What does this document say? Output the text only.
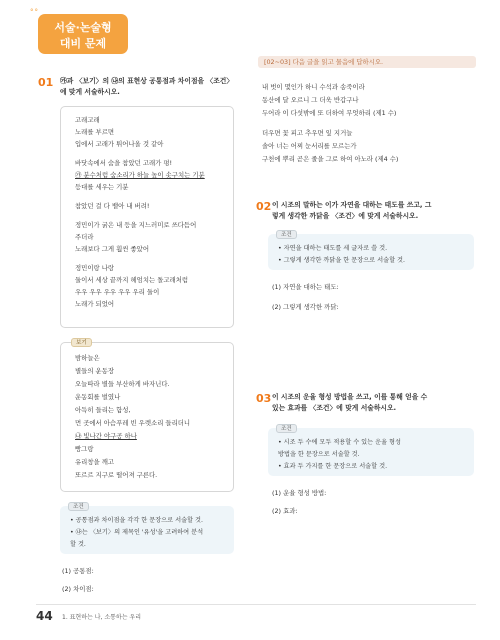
°°
서술·논술형
대비 문제
01 ㉮과 〈보기〉의 ㉯의 표현상 공통점과 차이점을 〈조건〉
에 맞게 서술하시오.
고래고래
노래를 부르면
입에서 고래가 튀어나올 것 같아
바닷속에서 숨을 참았던 고래가 펑!
㉮ 분수처럼 숨소리가 하늘 높이 솟구치는 기분
등대를 세우는 기분
참았던 걸 다 뱉아 내 버려!
정민이가 굵은 내 등을 지느러미로 쓰다듬어
주더라
노래보다 그게 훨씬 좋았어
정민이랑 나랑
둘이서 세상 끝까지 헤엄치는 돌고래처럼
우우 우우 우우 우우 우리 둘이
노래가 되었어
보기
밤하늘은
별들의 운동장
오늘따라 별들 부산하게 바자닌다.
운동회를 벌였나
아득히 들리는 함성,
먼 곳에서 아슴푸레 빈 우렛소리 들리더니
㉯ 빛나간 야구공 하나
빵그랑
유리창을 깨고
또르르 지구로 떨어져 구른다.
조건
• 공통점과 차이점을 각각 한 문장으로 서술할 것.
• ㉯는 〈보기〉의 제목인 '유성'을 고려하여 분석
할 것.
(1) 공통점:
(2) 차이점:
[02~03] 다음 글을 읽고 물음에 답하시오.
내 벗이 몇인가 하니 수석과 송죽이라
동산에 달 오르니 그 더욱 반갑구나
두어라 이 다섯밖에 또 더하여 무엇하리 (제1 수)
더우면 꽃 피고 추우면 잎 지거늘
솔아 너는 어찌 눈서리를 모르는가
구천에 뿌리 곧은 줄을 그로 하여 아노라 (제4 수)
02 이 시조의 말하는 이가 자연을 대하는 태도를 쓰고, 그
렇게 생각한 까닭을 〈조건〉에 맞게 서술하시오.
조건
• 자연을 대하는 태도를 세 글자로 쓸 것.
• 그렇게 생각한 까닭을 한 문장으로 서술할 것.
(1) 자연을 대하는 태도:
(2) 그렇게 생각한 까닭:
03 이 시조의 운율 형성 방법을 쓰고, 이를 통해 얻을 수
있는 효과를 〈조건〉에 맞게 서술하시오.
조건
• 시조 두 수에 모두 적용할 수 있는 운율 형성
방법을 한 문장으로 서술할 것.
• 효과 두 가지를 한 문장으로 서술할 것.
(1) 운율 형성 방법:
(2) 효과:
44 1. 표현하는 나, 소통하는 우리
